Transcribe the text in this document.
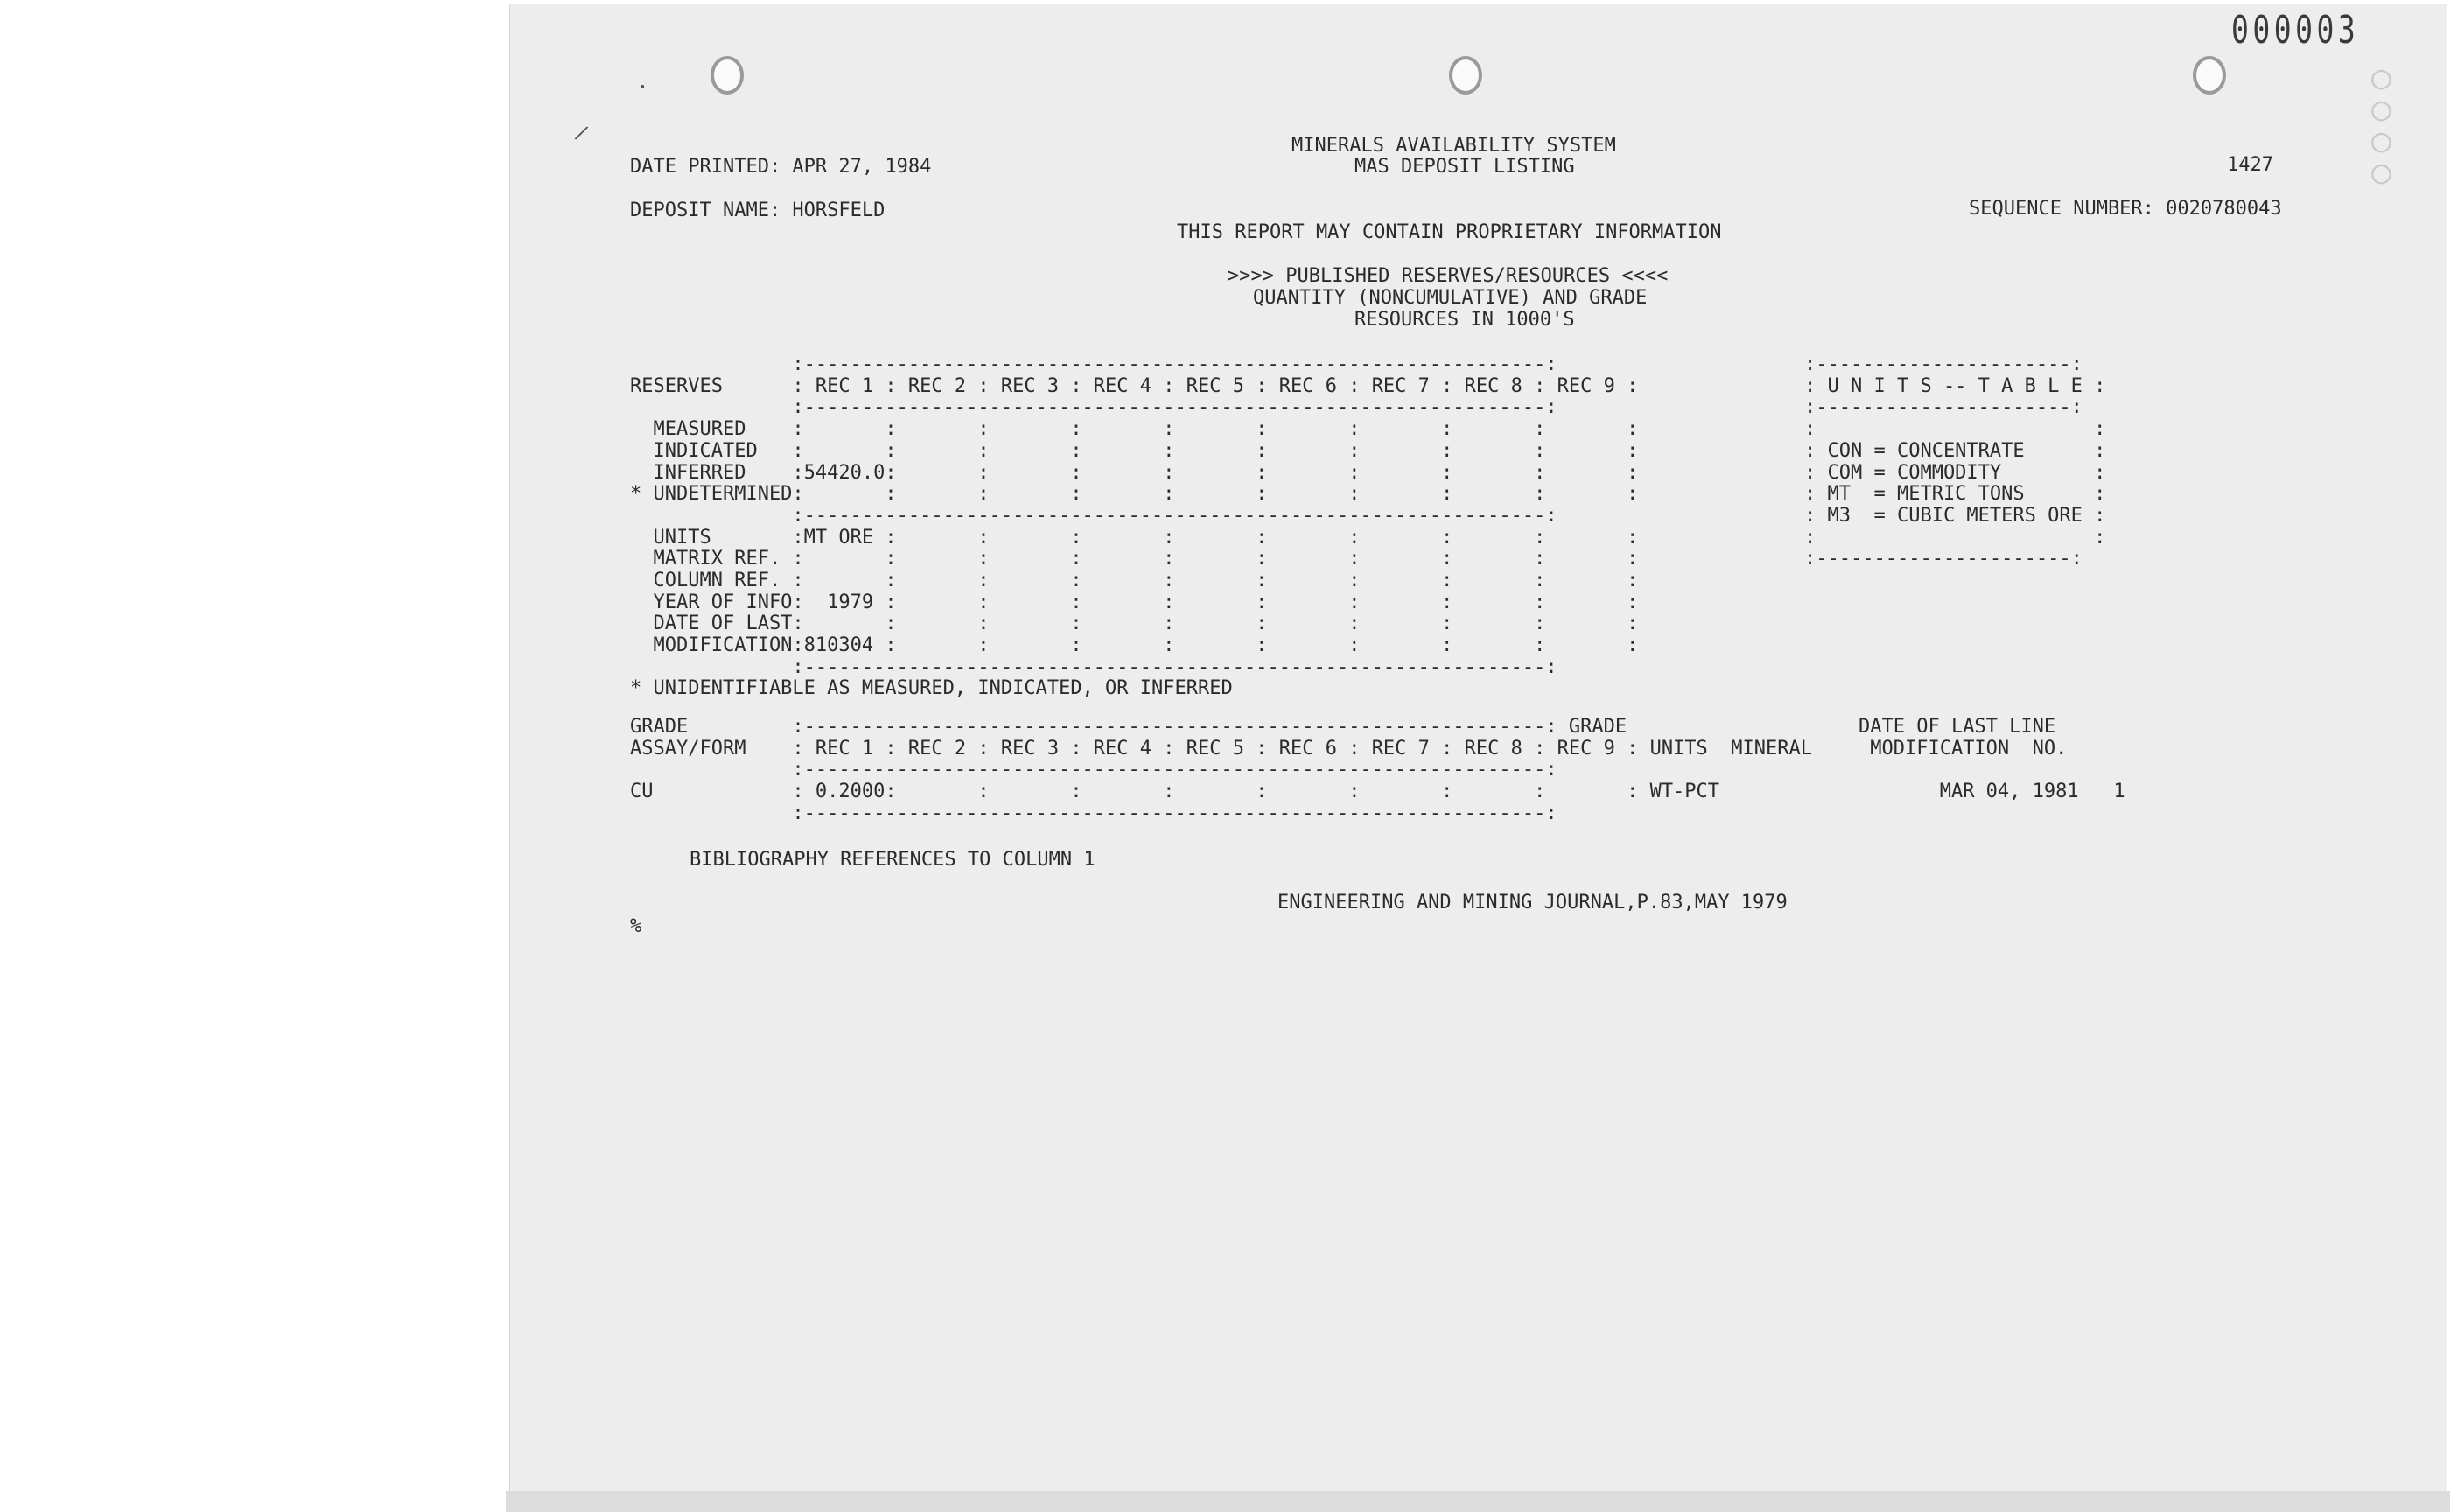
•
/
000003
○○○○
MINERALS AVAILABILITY SYSTEM
MAS DEPOSIT LISTING
DATE PRINTED: APR 27, 1984	1427
DEPOSIT NAME: HORSFELD	SEQUENCE NUMBER: 0020780043
THIS REPORT MAY CONTAIN PROPRIETARY INFORMATION
>>>> PUBLISHED RESERVES/RESOURCES <<<<
QUANTITY (NONCUMULATIVE) AND GRADE
RESOURCES IN 1000'S
:----------------------------------------------------------------:
RESERVES      : REC 1 : REC 2 : REC 3 : REC 4 : REC 5 : REC 6 : REC 7 : REC 8 : REC 9 :
:----------------------------------------------------------------:
MEASURED    :       :       :       :       :       :       :       :       :       :
INDICATED   :       :       :       :       :       :       :       :       :       :
INFERRED    :54420.0:       :       :       :       :       :       :       :       :
* UNDETERMINED:       :       :       :       :       :       :       :       :       :
:----------------------------------------------------------------:
UNITS       :MT ORE :       :       :       :       :       :       :       :       :
MATRIX REF. :       :       :       :       :       :       :       :       :       :
COLUMN REF. :       :       :       :       :       :       :       :       :       :
YEAR OF INFO:  1979 :       :       :       :       :       :       :       :       :
DATE OF LAST:       :       :       :       :       :       :       :       :       :
MODIFICATION:810304 :       :       :       :       :       :       :       :       :
:----------------------------------------------------------------:
:----------------------:
: U N I T S -- T A B L E :
:----------------------:
:                        :
: CON = CONCENTRATE      :
: COM = COMMODITY        :
: MT  = METRIC TONS      :
: M3  = CUBIC METERS ORE :
:                        :
:----------------------:
* UNIDENTIFIABLE AS MEASURED, INDICATED, OR INFERRED
GRADE         :----------------------------------------------------------------: GRADE                    DATE OF LAST LINE
ASSAY/FORM    : REC 1 : REC 2 : REC 3 : REC 4 : REC 5 : REC 6 : REC 7 : REC 8 : REC 9 : UNITS  MINERAL     MODIFICATION  NO.
:----------------------------------------------------------------:
CU            : 0.2000:       :       :       :       :       :       :       :       : WT-PCT                   MAR 04, 1981   1
:----------------------------------------------------------------:
BIBLIOGRAPHY REFERENCES TO COLUMN 1
ENGINEERING AND MINING JOURNAL,P.83,MAY 1979
%
